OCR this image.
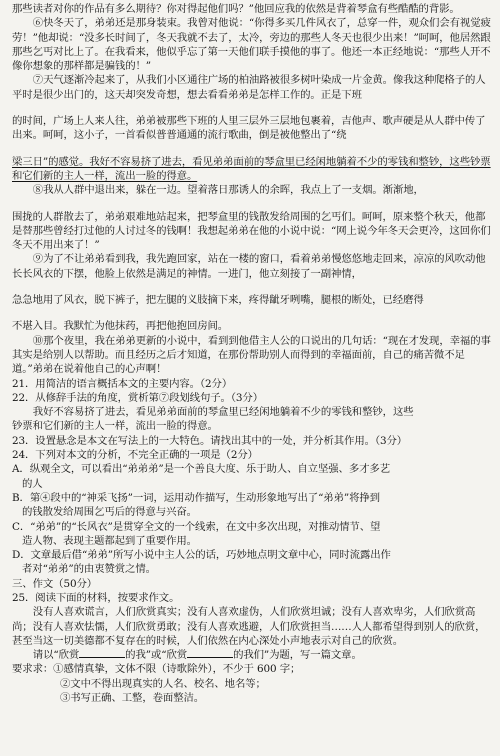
那些读者对你的作品有多么期待？你对得起他们吗？”他回应我的依然是背着琴盒有些酷酷的背影。

⑥快冬天了，弟弟还是那身装束。我曾对他说：“你得多买几件风衣了，总穿一件，观众们会有视觉疲劳！”他却说：“没多长时间了，冬天我就不去了，太冷，旁边的那些人冬天也很少出来！”呵呵，他居然跟那些乞丐对比上了。在我看来，他似乎忘了第一天他们联手摸他的事了。他还一本正经地说：“那些人开不像你想象的那样都是骗钱的！”

⑦天气逐渐冷起来了，从我们小区通往广场的柏油路被很多树叶染成一片金黄。像我这种爬格子的人平时是很少出门的，这天却突发奇想，想去看看弟弟是怎样工作的。正是下班

的时间，广场上人来人往，弟弟被那些下班的人里三层外三层地包裹着，吉他声、歌声硬是从人群中传了出来。呵呵，这小子，一首看似普普通通的流行歌曲，倒是被他整出了“绕

梁三日”的感觉。我好不容易挤了进去，看见弟弟面前的琴盒里已经闲地躺着不少的零钱和整钞，这些钞票和它们新的主人一样，流出一脸的得意。

⑧我从人群中退出来，躲在一边。望着落日那诱人的余晖，我点上了一支烟。渐渐地，

围拢的人群散去了，弟弟艰难地站起来，把琴盒里的钱散发给周围的乞丐们。呵呵，原来整个秋天，他都是替那些曾经打过他的人讨过冬的钱啊！我想起弟弟在他的小说中说：“网上说今年冬天会更冷，这回你们冬天不用出来了！”

⑨为了不让弟弟看到我，我先跑回家，站在一楼的窗口，看着弟弟慢悠悠地走回来，凉凉的风吹动他长长风衣的下摆，他脸上依然是满足的神情。一进门，他立刻接了一副神情，

急急地用了风衣，脱下裤子，把左腿的义肢摘下来，疼得龇牙咧嘴，腿根的断处，已经磨得

不堪入目。我默忙为他抹药，再把他抱回房间。

⑩那个夜里，我在弟弟更新的小说中，看到到他借主人公的口说出的几句话：“现在才发现，幸福的事其实是给别人以帮助。而且经历之后才知道，在那份帮助别人而得到的幸福面前，自己的痛苦微不足道。”弟弟在说着他自己的心声啊！

21．用简洁的语言概括本文的主要内容。（2分）

22．从修辞手法的角度，赏析第⑦段划线句子。（3分）

我好不容易挤了进去，看见弟弟面前的琴盒里已经闲地躺着不少的零钱和整钞，这些

钞票和它们新的主人一样，流出一脸的得意。

23．设置悬念是本文在写法上的一大特色。请找出其中的一处，并分析其作用。（3分）

24．下列对本文的分析，不完全正确的一项是（2分）

A．纵观全文，可以看出“弟弟弟”是一个善良大度、乐于助人、自立坚强、多才多艺

的人

B．第④段中的“神采飞扬”一词，运用动作描写，生动形象地写出了“弟弟”将挣到

的钱散发给周围乞丐后的得意与兴奋。

C．“弟弟”的“长风衣”是贯穿全文的一个线索，在文中多次出现，对推动情节、望

造人物、表现主题都起到了重要作用。

D．文章最后借“弟弟”所写小说中主人公的话，巧妙地点明文章中心，同时流露出作

者对“弟弟”的由衷赞赏之情。

三、作文（50分）

25．阅读下面的材料，按要求作文。

没有人喜欢谎言，人们欣赏真实；没有人喜欢虚伪，人们欣赏坦诚；没有人喜欢卑劣，人们欣赏高尚；没有人喜欢怯懦，人们欣赏勇敢；没有人喜欢逃避，人们欣赏担当……人人都希望得到别人的欣赏，甚至当这一切美德都不复存在的时候，人们依然在内心深处小声地表示对自己的欣赏。

请以“欣赏	的我”或“欣赏	的我们”为题，写一篇文章。

要求求：①感情真挚，文体不限（诗歌除外），不少于 600 字；

②文中不得出现真实的人名、校名、地名等；

③书写正确、工整，卷面整洁。
